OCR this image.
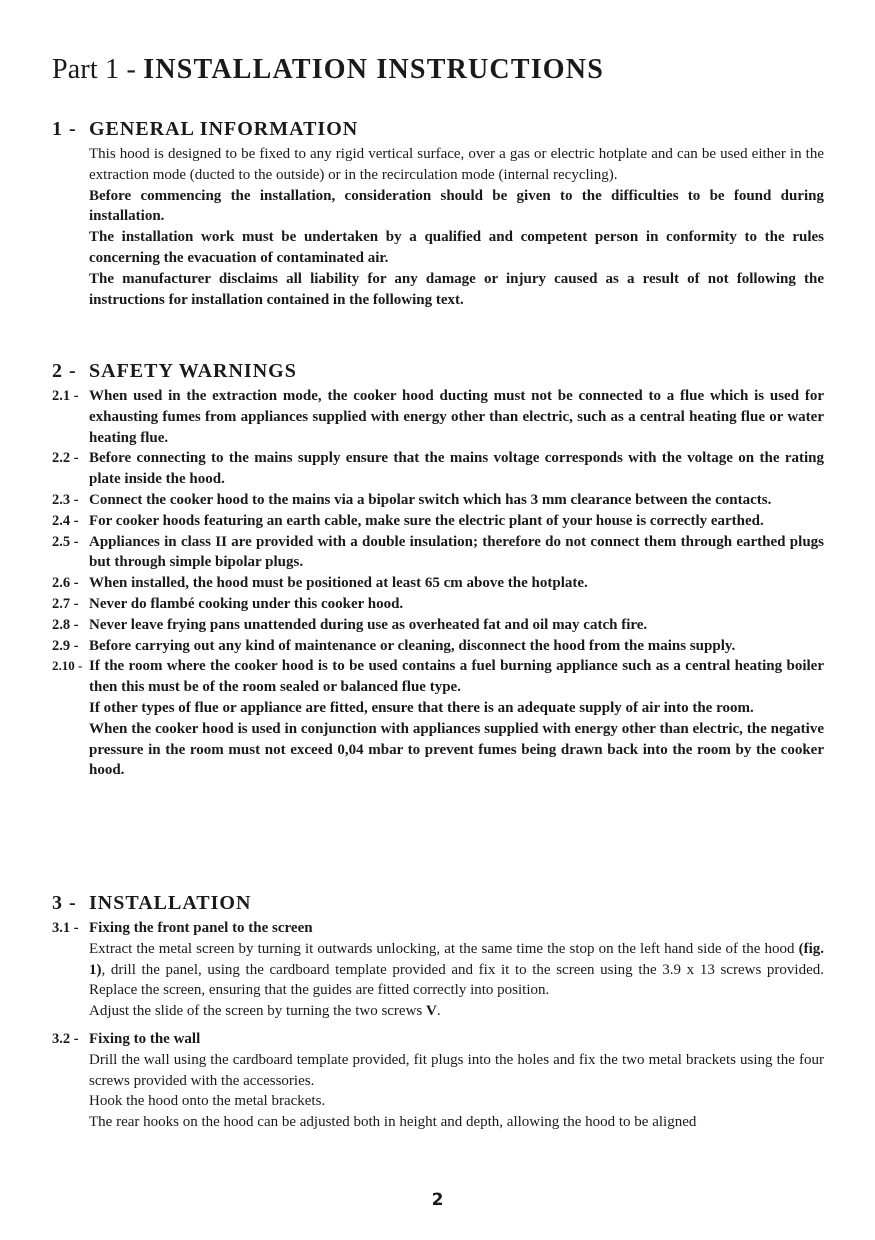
Part 1 - INSTALLATION INSTRUCTIONS
1 - GENERAL INFORMATION

This hood is designed to be fixed to any rigid vertical surface, over a gas or electric hotplate and can be used either in the extraction mode (ducted to the outside) or in the recirculation mode (internal recycling).

Before commencing the installation, consideration should be given to the difficulties to be found during installation.

The installation work must be undertaken by a qualified and competent person in conformity to the rules concerning the evacuation of contaminated air.

The manufacturer disclaims all liability for any damage or injury caused as a result of not following the instructions for installation contained in the following text.

2 - SAFETY WARNINGS
2.1 - When used in the extraction mode, the cooker hood ducting must not be connected to a flue which is used for exhausting fumes from appliances supplied with energy other than electric, such as a central heating flue or water heating flue.
2.2 - Before connecting to the mains supply ensure that the mains voltage corresponds with the voltage on the rating plate inside the hood.
2.3 - Connect the cooker hood to the mains via a bipolar switch which has 3 mm clearance between the contacts.
2.4 - For cooker hoods featuring an earth cable, make sure the electric plant of your house is correctly earthed.
2.5 - Appliances in class II are provided with a double insulation; therefore do not connect them through earthed plugs but through simple bipolar plugs.
2.6 - When installed, the hood must be positioned at least 65 cm above the hotplate.
2.7 - Never do flambé cooking under this cooker hood.
2.8 - Never leave frying pans unattended during use as overheated fat and oil may catch fire.
2.9 - Before carrying out any kind of maintenance or cleaning, disconnect the hood from the mains supply.
2.10 - If the room where the cooker hood is to be used contains a fuel burning appliance such as a central heating boiler then this must be of the room sealed or balanced flue type.
If other types of flue or appliance are fitted, ensure that there is an adequate supply of air into the room.
When the cooker hood is used in conjunction with appliances supplied with energy other than electric, the negative pressure in the room must not exceed 0,04 mbar to prevent fumes being drawn back into the room by the cooker hood.
3 - INSTALLATION
3.1 - Fixing the front panel to the screen
Extract the metal screen by turning it outwards unlocking, at the same time the stop on the left hand side of the hood (fig. 1), drill the panel, using the cardboard template provided and fix it to the screen using the 3.9 x 13 screws provided. Replace the screen, ensuring that the guides are fitted correctly into position.
Adjust the slide of the screen by turning the two screws V.
3.2 - Fixing to the wall
Drill the wall using the cardboard template provided, fit plugs into the holes and fix the two metal brackets using the four screws provided with the accessories.
Hook the hood onto the metal brackets.
The rear hooks on the hood can be adjusted both in height and depth, allowing the hood to be aligned
2
